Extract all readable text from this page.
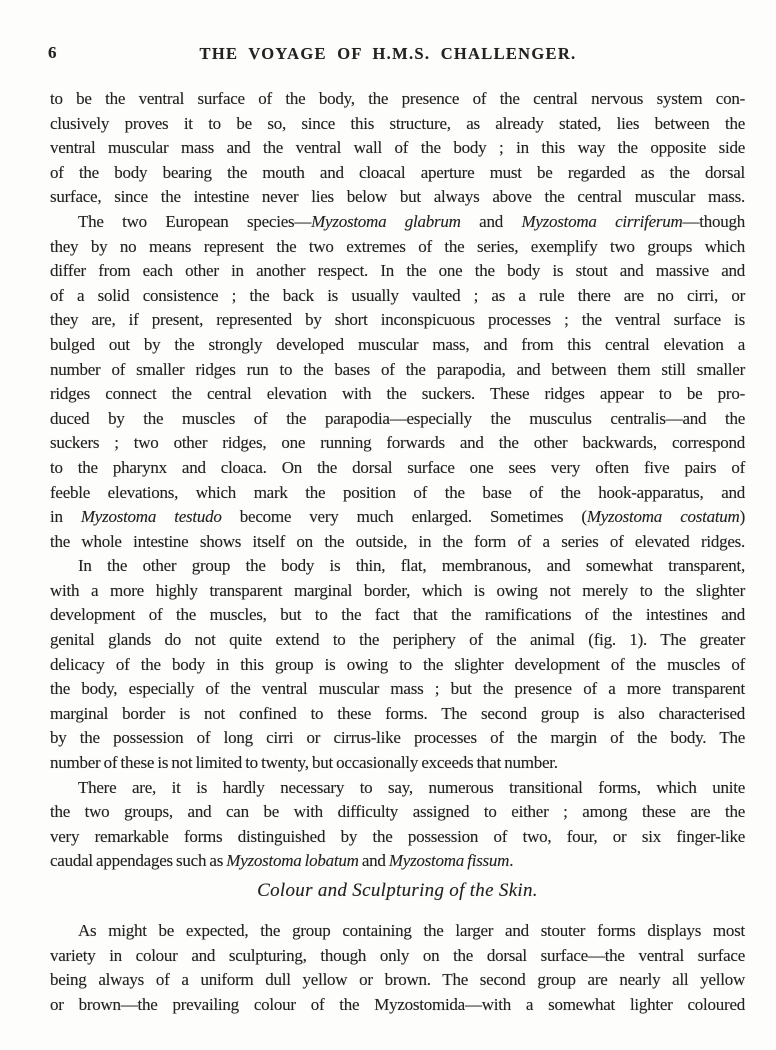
6	THE VOYAGE OF H.M.S. CHALLENGER.
to be the ventral surface of the body, the presence of the central nervous system con-
clusively proves it to be so, since this structure, as already stated, lies between the
ventral muscular mass and the ventral wall of the body ; in this way the opposite side
of the body bearing the mouth and cloacal aperture must be regarded as the dorsal
surface, since the intestine never lies below but always above the central muscular mass.
The two European species—Myzostoma glabrum and Myzostoma cirriferum—though
they by no means represent the two extremes of the series, exemplify two groups which
differ from each other in another respect. In the one the body is stout and massive and
of a solid consistence ; the back is usually vaulted ; as a rule there are no cirri, or
they are, if present, represented by short inconspicuous processes ; the ventral surface is
bulged out by the strongly developed muscular mass, and from this central elevation a
number of smaller ridges run to the bases of the parapodia, and between them still smaller
ridges connect the central elevation with the suckers. These ridges appear to be pro-
duced by the muscles of the parapodia—especially the musculus centralis—and the
suckers ; two other ridges, one running forwards and the other backwards, correspond
to the pharynx and cloaca. On the dorsal surface one sees very often five pairs of
feeble elevations, which mark the position of the base of the hook-apparatus, and
in Myzostoma testudo become very much enlarged. Sometimes (Myzostoma costatum)
the whole intestine shows itself on the outside, in the form of a series of elevated ridges.
In the other group the body is thin, flat, membranous, and somewhat transparent,
with a more highly transparent marginal border, which is owing not merely to the slighter
development of the muscles, but to the fact that the ramifications of the intestines and
genital glands do not quite extend to the periphery of the animal (fig. 1). The greater
delicacy of the body in this group is owing to the slighter development of the muscles of
the body, especially of the ventral muscular mass ; but the presence of a more transparent
marginal border is not confined to these forms. The second group is also characterised
by the possession of long cirri or cirrus-like processes of the margin of the body. The
number of these is not limited to twenty, but occasionally exceeds that number.
There are, it is hardly necessary to say, numerous transitional forms, which unite
the two groups, and can be with difficulty assigned to either ; among these are the
very remarkable forms distinguished by the possession of two, four, or six finger-like
caudal appendages such as Myzostoma lobatum and Myzostoma fissum.
Colour and Sculpturing of the Skin.
As might be expected, the group containing the larger and stouter forms displays most
variety in colour and sculpturing, though only on the dorsal surface—the ventral surface
being always of a uniform dull yellow or brown. The second group are nearly all yellow
or brown—the prevailing colour of the Myzostomida—with a somewhat lighter coloured
